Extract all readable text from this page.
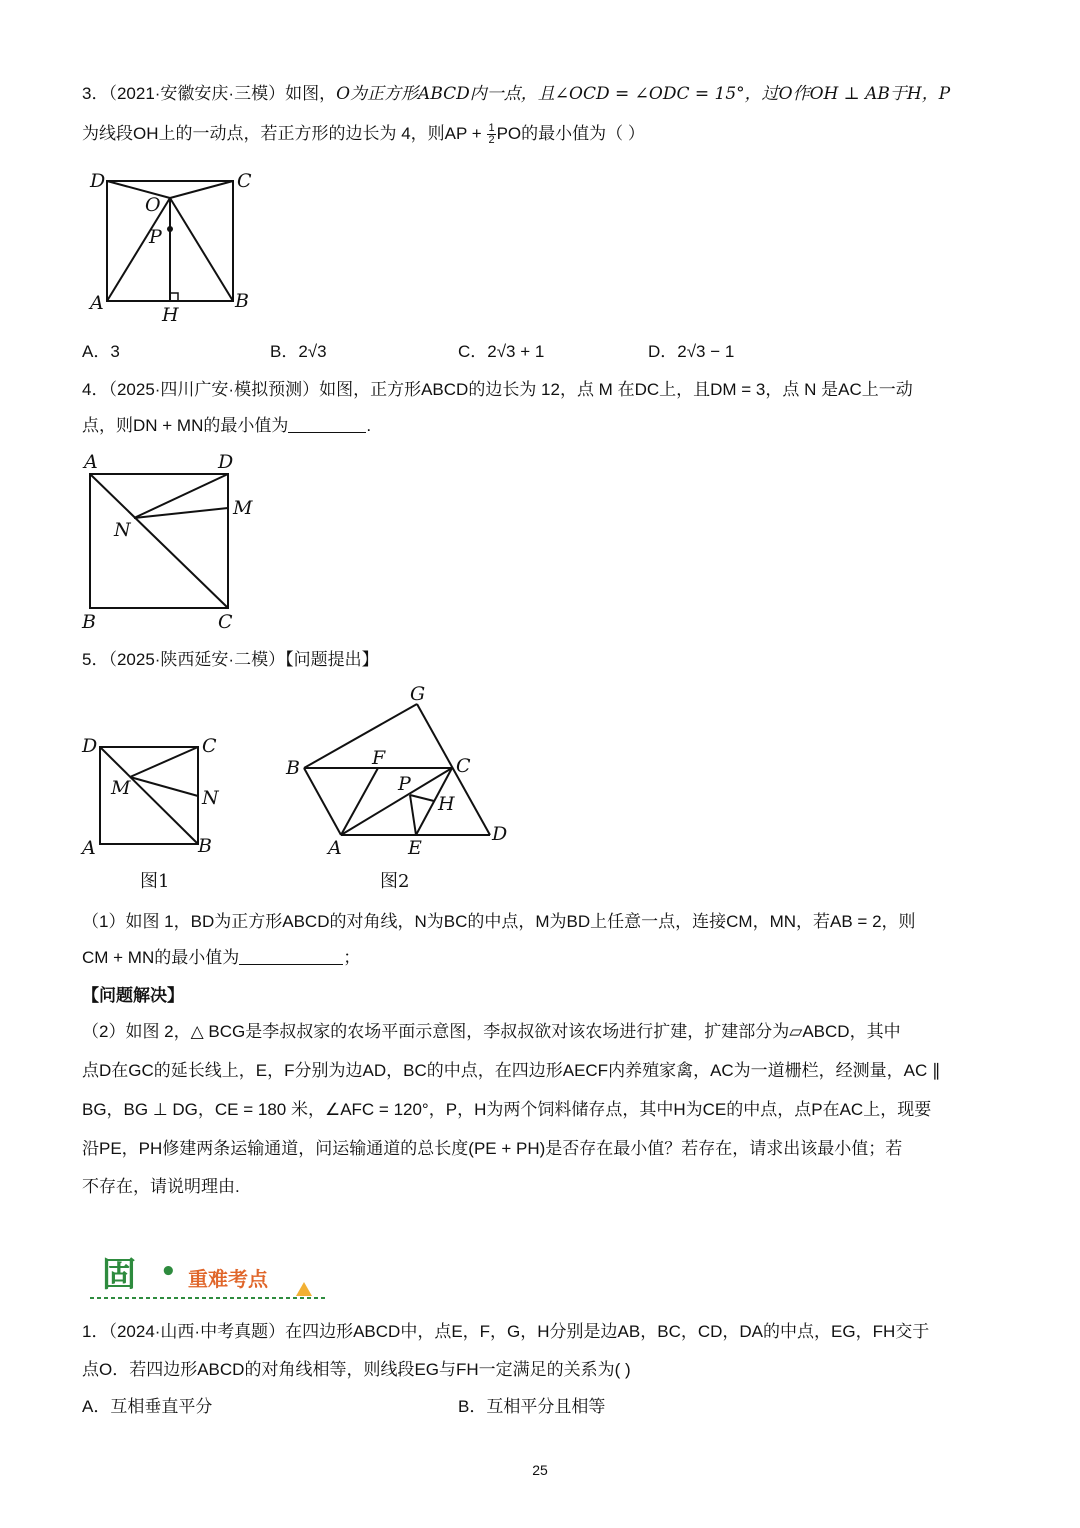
3．（2021·安徽安庆·三模）如图，O为正方形ABCD内一点，且∠OCD = ∠ODC = 15°，过O作OH ⊥ AB于H，P
为线段OH上的一动点，若正方形的边长为 4，则AP + $\frac{1}{2}$ PO的最小值为（ ）
D	C
O
P
A	B
H
A．3	B．2√3	C．2√3 + 1	D．2√3 − 1
4．（2025·四川广安·模拟预测）如图，正方形ABCD的边长为 12，点 M 在DC上，且DM = 3，点 N 是AC上一动
点，则DN + MN的最小值为	.
A	D
M
N
B	C
5．（2025·陕西延安·二模）【问题提出】
D	C
M	N
A	B
图1
G
B	F	C
P
H
A	E
D
图2
（1）如图 1，BD为正方形ABCD的对角线，N为BC的中点，M为BD上任意一点，连接CM，MN，若AB = 2，则
CM + MN的最小值为	；
【问题解决】
（2）如图 2，△ BCG是李叔叔家的农场平面示意图，李叔叔欲对该农场进行扩建，扩建部分为▱ABCD，其中
点D在GC的延长线上，E，F分别为边AD，BC的中点，在四边形AECF内养殖家禽，AC为一道栅栏，经测量，AC ∥
BG，BG ⊥ DG，CE = 180 米，∠AFC = 120°，P，H为两个饲料储存点，其中H为CE的中点，点P在AC上，现要
沿PE，PH修建两条运输通道，问运输通道的总长度(PE + PH)是否存在最小值？若存在，请求出该最小值；若
不存在，请说明理由.
固 • 重难考点
1．（2024·山西·中考真题）在四边形ABCD中，点E，F，G，H分别是边AB，BC，CD，DA的中点，EG，FH交于
点O．若四边形ABCD的对角线相等，则线段EG与FH一定满足的关系为( )
A．互相垂直平分	B．互相平分且相等
25
